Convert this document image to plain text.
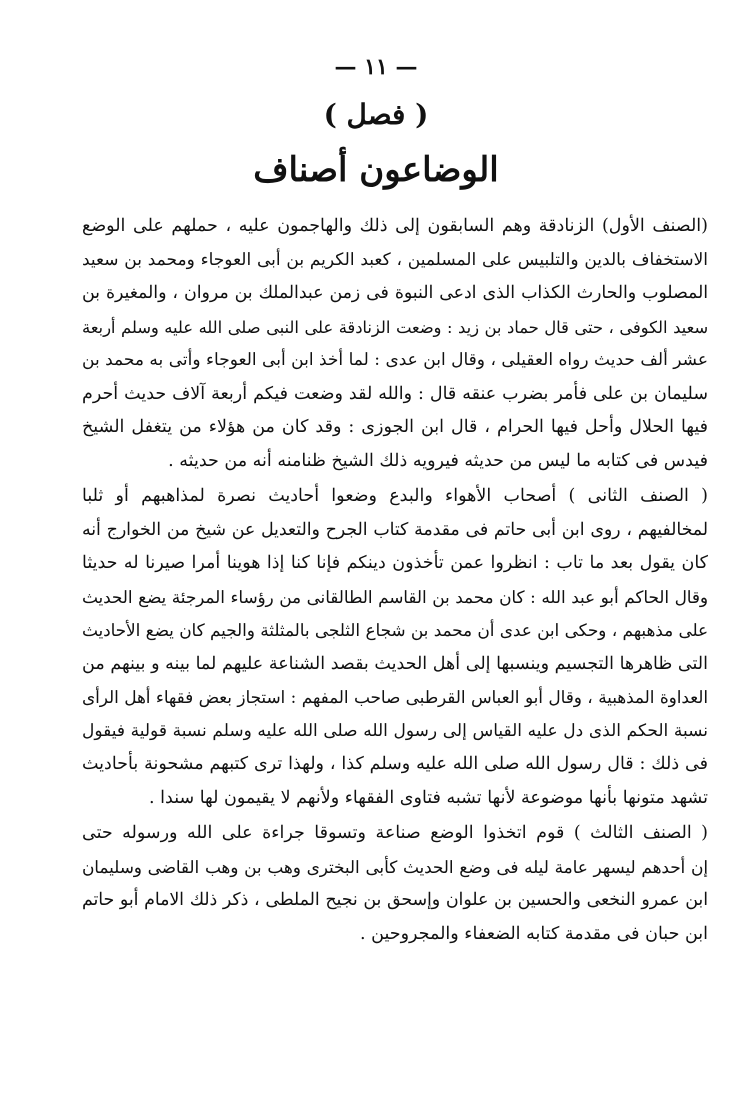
— ١١ —
( فصل )
الوضاعون أصناف
(الصنف الأول) الزنادقة وهم السابقون إلى ذلك والهاجمون عليه ، حملهم على الوضع
الاستخفاف بالدين والتلبيس على المسلمين ، كعبد الكريم بن أبى العوجاء ومحمد بن سعيد
المصلوب والحارث الكذاب الذى ادعى النبوة فى زمن عبدالملك بن مروان ، والمغيرة بن
سعيد الكوفى ، حتى قال حماد بن زيد : وضعت الزنادقة على النبى صلى الله عليه وسلم أربعة
عشر ألف حديث رواه العقيلى ، وقال ابن عدى : لما أخذ ابن أبى العوجاء وأتى به محمد بن
سليمان بن على فأمر بضرب عنقه قال : والله لقد وضعت فيكم أربعة آلاف حديث أحرم
فيها الحلال وأحل فيها الحرام ، قال ابن الجوزى : وقد كان من هؤلاء من يتغفل الشيخ
فيدس فى كتابه ما ليس من حديثه فيرويه ذلك الشيخ ظنامنه أنه من حديثه .
( الصنف الثانى ) أصحاب الأهواء والبدع وضعوا أحاديث نصرة لمذاهبهم أو ثلبا
لمخالفيهم ، روى ابن أبى حاتم فى مقدمة كتاب الجرح والتعديل عن شيخ من الخوارج أنه
كان يقول بعد ما تاب : انظروا عمن تأخذون دينكم فإنا كنا إذا هوينا أمرا صيرنا له حديثا
وقال الحاكم أبو عبد الله : كان محمد بن القاسم الطالقانى من رؤساء المرجئة يضع الحديث
على مذهبهم ، وحكى ابن عدى أن محمد بن شجاع الثلجى بالمثلثة والجيم كان يضع الأحاديث
التى ظاهرها التجسيم وينسبها إلى أهل الحديث بقصد الشناعة عليهم لما بينه و بينهم من
العداوة المذهبية ، وقال أبو العباس القرطبى صاحب المفهم : استجاز بعض فقهاء أهل الرأى
نسبة الحكم الذى دل عليه القياس إلى رسول الله صلى الله عليه وسلم نسبة قولية فيقول
فى ذلك : قال رسول الله صلى الله عليه وسلم كذا ، ولهذا ترى كتبهم مشحونة بأحاديث
تشهد متونها بأنها موضوعة لأنها تشبه فتاوى الفقهاء ولأنهم لا يقيمون لها سندا .
( الصنف الثالث ) قوم اتخذوا الوضع صناعة وتسوقا جراءة على الله ورسوله حتى
إن أحدهم ليسهر عامة ليله فى وضع الحديث كأبى البخترى وهب بن وهب القاضى وسليمان
ابن عمرو النخعى والحسين بن علوان وإسحق بن نجيح الملطى ، ذكر ذلك الامام أبو حاتم
ابن حبان فى مقدمة كتابه الضعفاء والمجروحين .
